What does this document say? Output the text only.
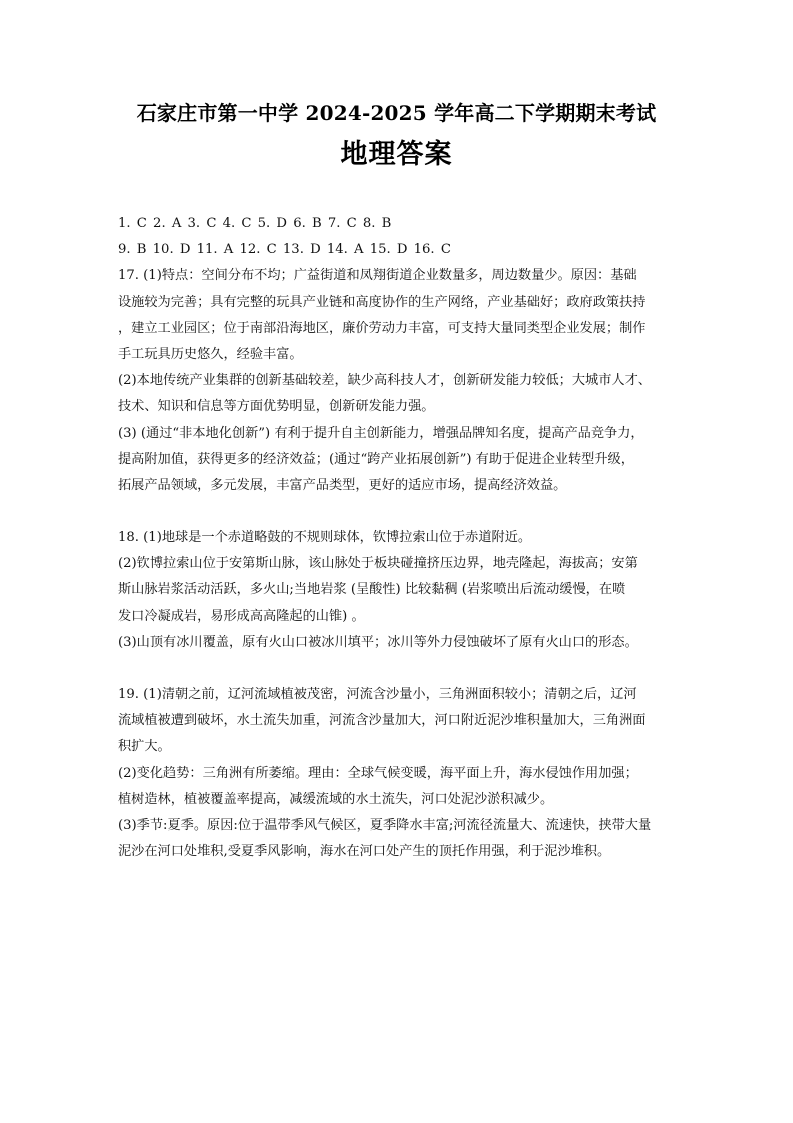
石家庄市第一中学 2024-2025 学年高二下学期期末考试
地理答案
1. C 2. A 3. C 4. C 5. D 6. B 7. C 8. B
9. B 10. D 11. A 12. C 13. D 14. A 15. D 16. C
17. (1)特点：空间分布不均；广益街道和凤翔街道企业数量多，周边数量少。原因：基础
设施较为完善；具有完整的玩具产业链和高度协作的生产网络，产业基础好；政府政策扶持
，建立工业园区；位于南部沿海地区，廉价劳动力丰富，可支持大量同类型企业发展；制作
手工玩具历史悠久，经验丰富。
(2)本地传统产业集群的创新基础较差，缺少高科技人才，创新研发能力较低；大城市人才、
技术、知识和信息等方面优势明显，创新研发能力强。
(3) (通过“非本地化创新”) 有利于提升自主创新能力，增强品牌知名度，提高产品竞争力，
提高附加值，获得更多的经济效益；(通过“跨产业拓展创新”) 有助于促进企业转型升级，
拓展产品领域，多元发展，丰富产品类型，更好的适应市场，提高经济效益。
18. (1)地球是一个赤道略鼓的不规则球体，钦博拉索山位于赤道附近。
(2)钦博拉索山位于安第斯山脉，该山脉处于板块碰撞挤压边界，地壳隆起，海拔高；安第
斯山脉岩浆活动活跃，多火山;当地岩浆 (呈酸性) 比较黏稠 (岩浆喷出后流动缓慢，在喷
发口冷凝成岩，易形成高高隆起的山锥) 。
(3)山顶有冰川覆盖，原有火山口被冰川填平；冰川等外力侵蚀破坏了原有火山口的形态。
19. (1)清朝之前，辽河流域植被茂密，河流含沙量小，三角洲面积较小；清朝之后，辽河
流域植被遭到破坏，水土流失加重，河流含沙量加大，河口附近泥沙堆积量加大，三角洲面
积扩大。
(2)变化趋势：三角洲有所萎缩。理由：全球气候变暖，海平面上升，海水侵蚀作用加强；
植树造林，植被覆盖率提高，减缓流域的水土流失，河口处泥沙淤积减少。
(3)季节:夏季。原因:位于温带季风气候区，夏季降水丰富;河流径流量大、流速快，挟带大量
泥沙在河口处堆积,受夏季风影响，海水在河口处产生的顶托作用强，利于泥沙堆积。
